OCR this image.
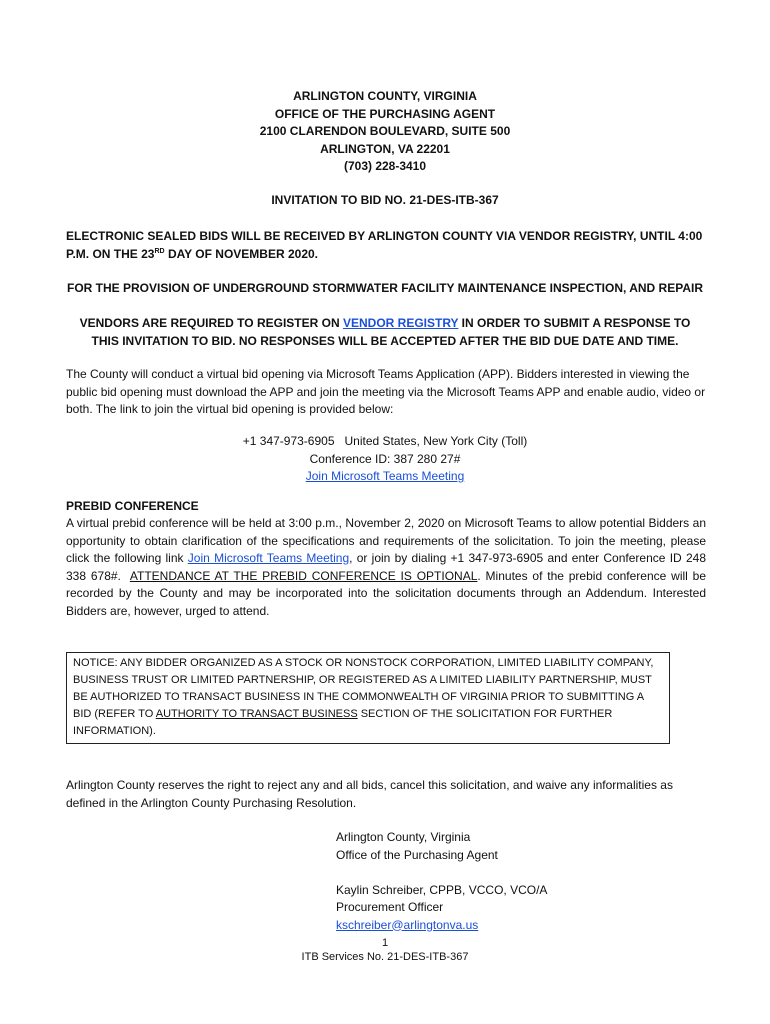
ARLINGTON COUNTY, VIRGINIA

OFFICE OF THE PURCHASING AGENT

2100 CLARENDON BOULEVARD, SUITE 500

ARLINGTON, VA 22201

(703) 228-3410

INVITATION TO BID NO. 21-DES-ITB-367
ELECTRONIC SEALED BIDS WILL BE RECEIVED BY ARLINGTON COUNTY VIA VENDOR REGISTRY, UNTIL 4:00 P.M. ON THE 23RD DAY OF NOVEMBER 2020.
FOR THE PROVISION OF UNDERGROUND STORMWATER FACILITY MAINTENANCE INSPECTION, AND REPAIR
VENDORS ARE REQUIRED TO REGISTER ON VENDOR REGISTRY IN ORDER TO SUBMIT A RESPONSE TO THIS INVITATION TO BID. NO RESPONSES WILL BE ACCEPTED AFTER THE BID DUE DATE AND TIME.
The County will conduct a virtual bid opening via Microsoft Teams Application (APP). Bidders interested in viewing the public bid opening must download the APP and join the meeting via the Microsoft Teams APP and enable audio, video or both. The link to join the virtual bid opening is provided below:

+1 347-973-6905   United States, New York City (Toll)

Conference ID: 387 280 27#

Join Microsoft Teams Meeting

PREBID CONFERENCE
A virtual prebid conference will be held at 3:00 p.m., November 2, 2020 on Microsoft Teams to allow potential Bidders an opportunity to obtain clarification of the specifications and requirements of the solicitation. To join the meeting, please click the following link Join Microsoft Teams Meeting, or join by dialing +1 347-973-6905 and enter Conference ID 248 338 678#.  ATTENDANCE AT THE PREBID CONFERENCE IS OPTIONAL. Minutes of the prebid conference will be recorded by the County and may be incorporated into the solicitation documents through an Addendum. Interested Bidders are, however, urged to attend.
NOTICE: ANY BIDDER ORGANIZED AS A STOCK OR NONSTOCK CORPORATION, LIMITED LIABILITY COMPANY, BUSINESS TRUST OR LIMITED PARTNERSHIP, OR REGISTERED AS A LIMITED LIABILITY PARTNERSHIP, MUST BE AUTHORIZED TO TRANSACT BUSINESS IN THE COMMONWEALTH OF VIRGINIA PRIOR TO SUBMITTING A BID (REFER TO AUTHORITY TO TRANSACT BUSINESS SECTION OF THE SOLICITATION FOR FURTHER INFORMATION).
Arlington County reserves the right to reject any and all bids, cancel this solicitation, and waive any informalities as defined in the Arlington County Purchasing Resolution.

Arlington County, Virginia

Office of the Purchasing Agent

Kaylin Schreiber, CPPB, VCCO, VCO/A

Procurement Officer

kschreiber@arlingtonva.us

1
ITB Services No. 21-DES-ITB-367
